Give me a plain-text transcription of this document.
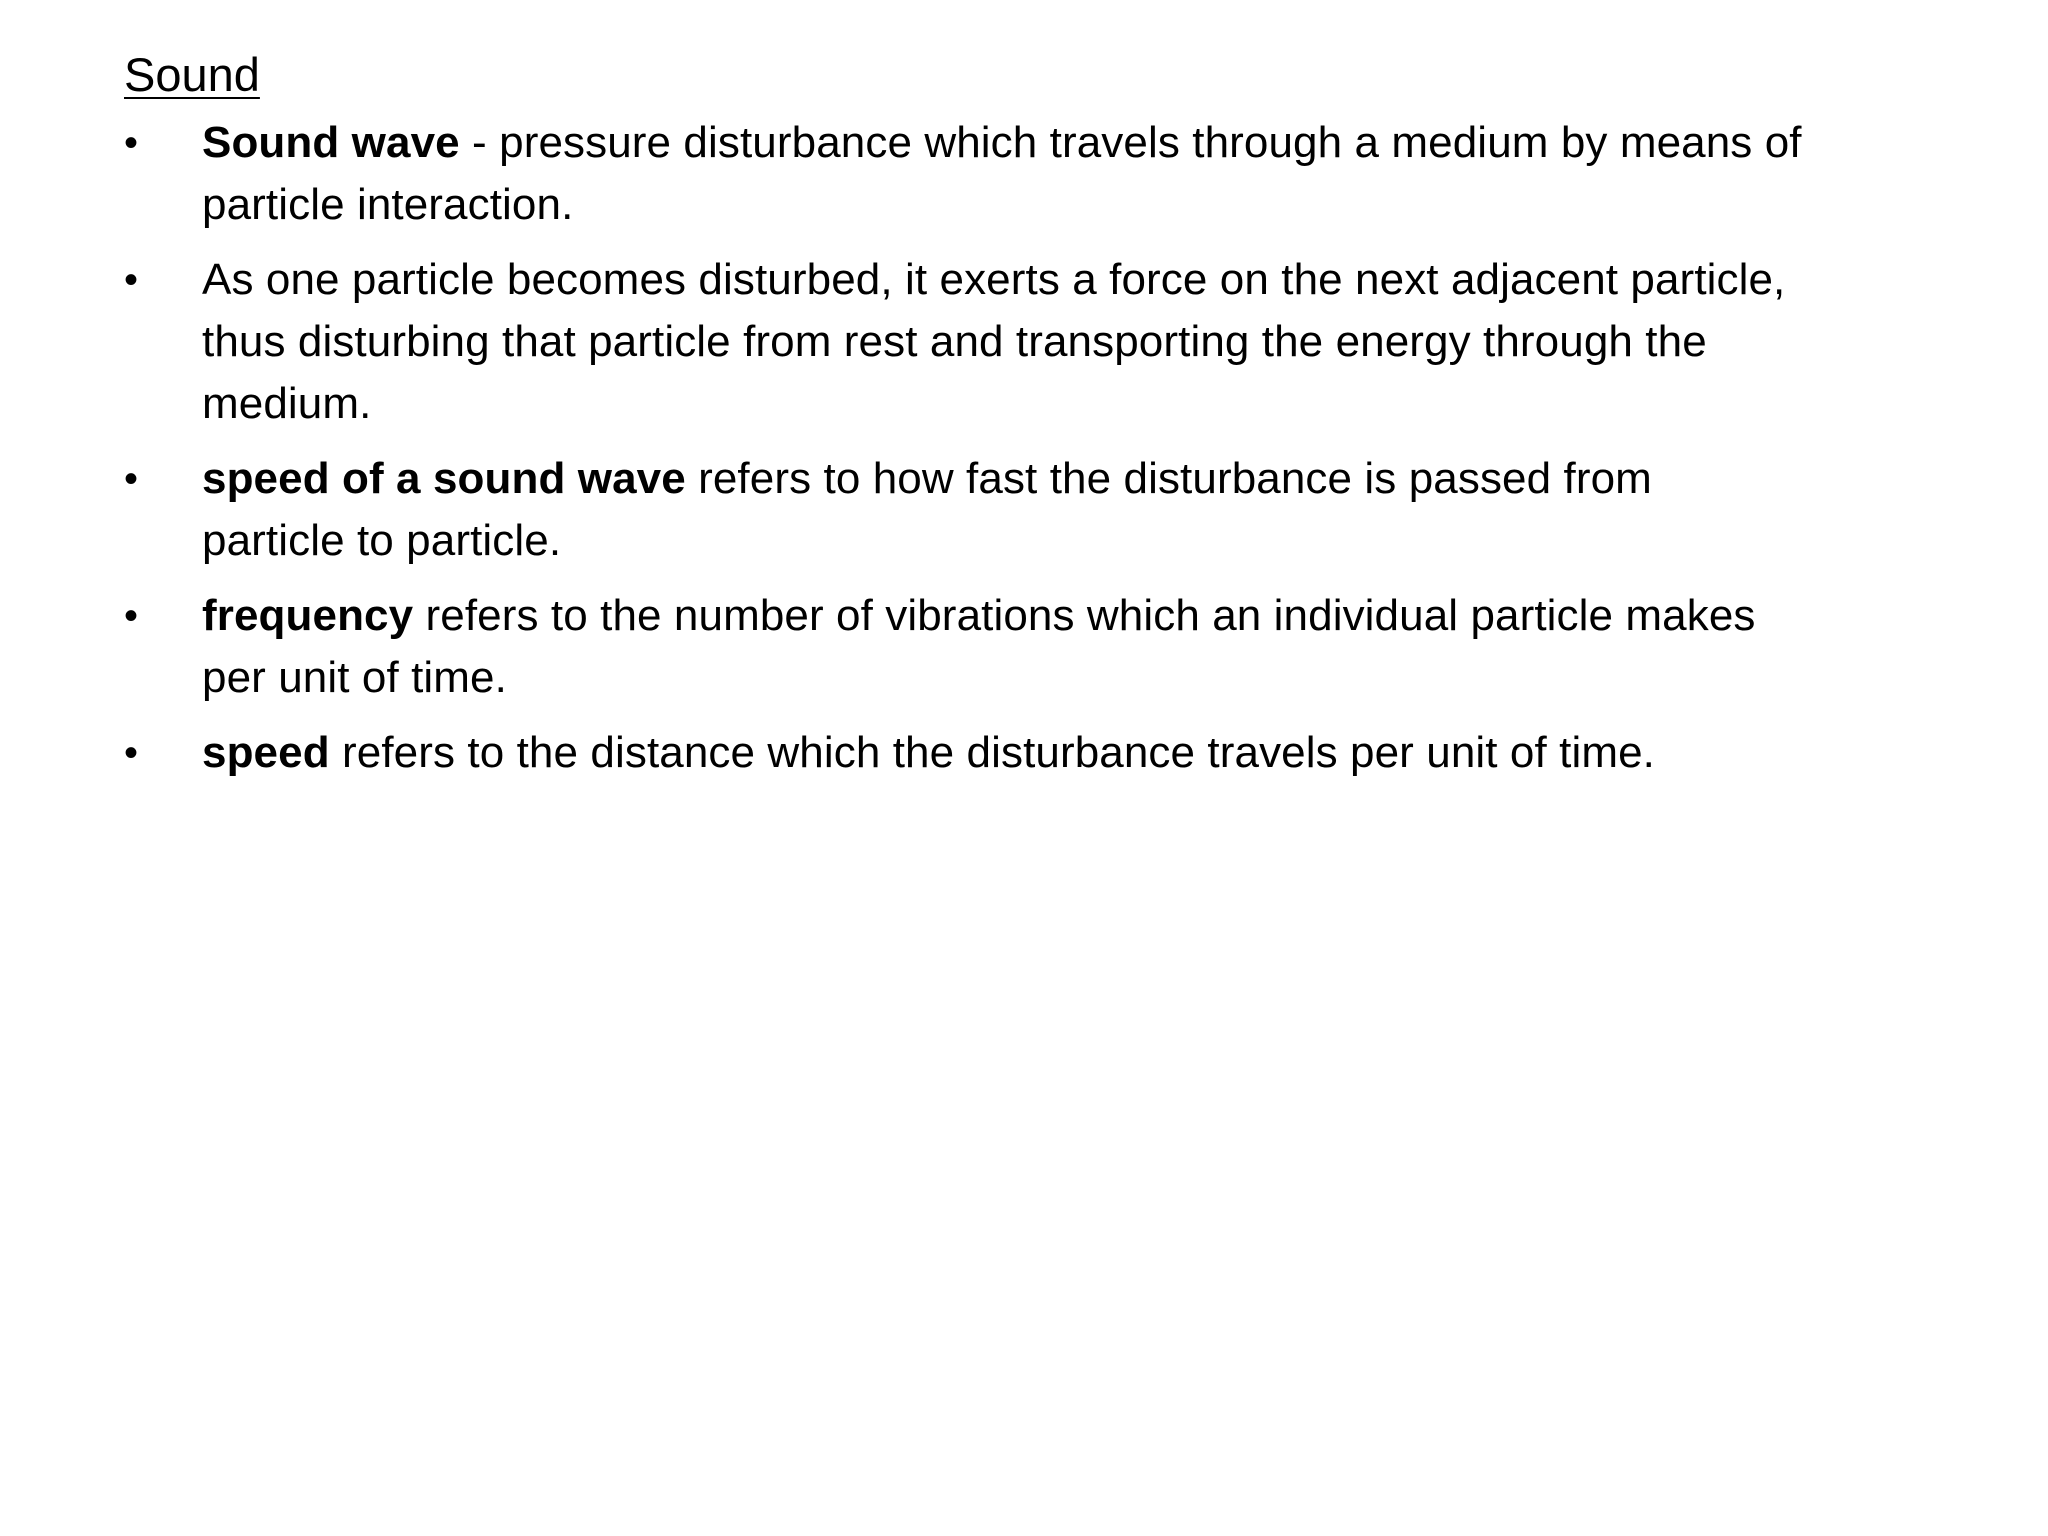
Sound
•	Sound wave - pressure disturbance which travels through a medium by means of particle interaction.
•	As one particle becomes disturbed, it exerts a force on the next adjacent particle, thus disturbing that particle from rest and transporting the energy through the medium.
•	speed of a sound wave refers to how fast the disturbance is passed from particle to particle.
•	frequency refers to the number of vibrations which an individual particle makes per unit of time.
•	speed refers to the distance which the disturbance travels per unit of time.
